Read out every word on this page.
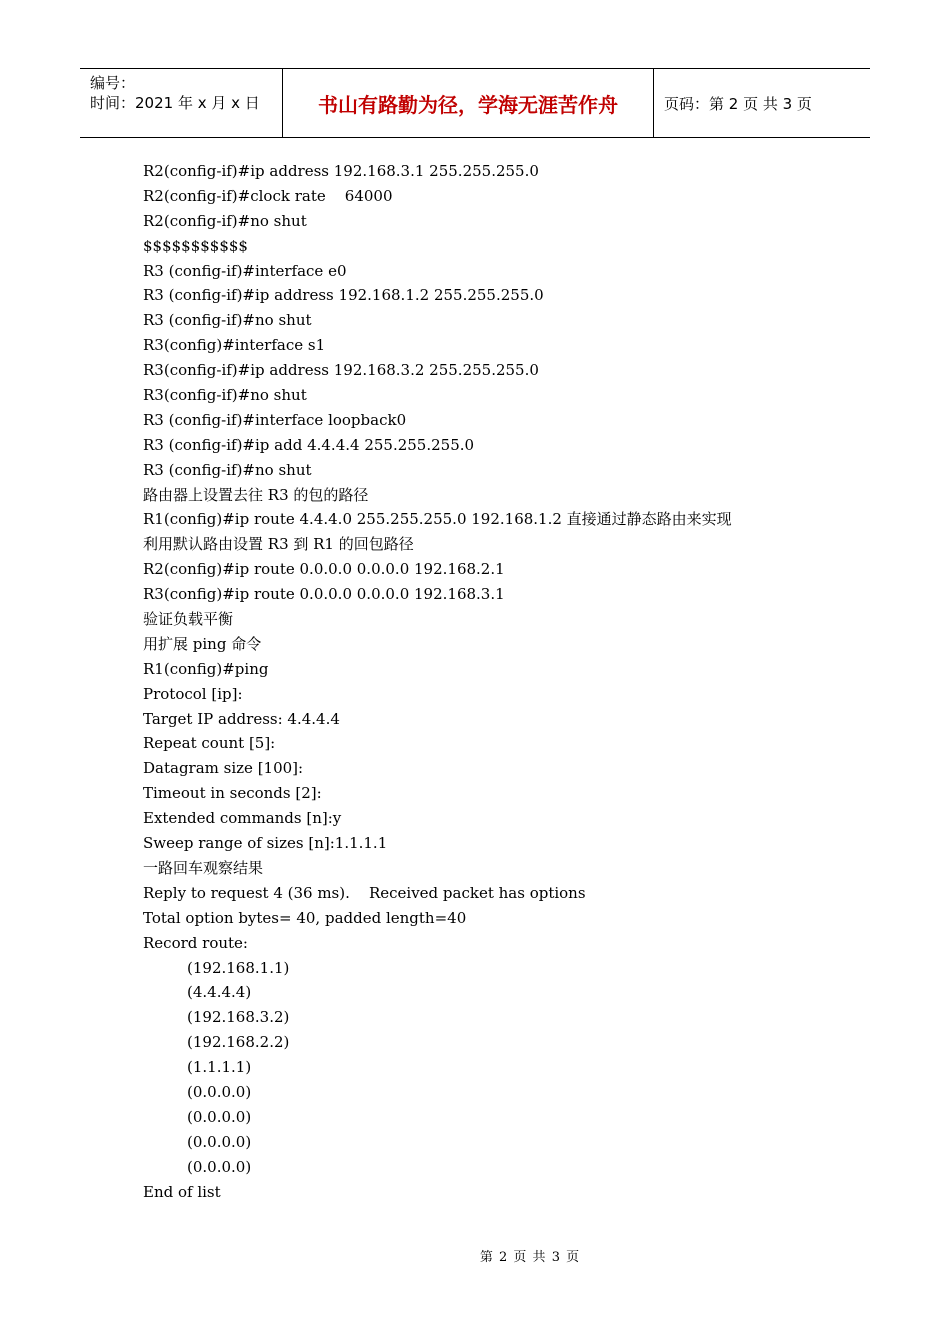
编号：
时间：2021 年 x 月 x 日	书山有路勤为径，学海无涯苦作舟	页码：第 2 页 共 3 页
R2(config-if)#ip address 192.168.3.1 255.255.255.0
R2(config-if)#clock rate    64000
R2(config-if)#no shut
$$$$$$$$$$$
R3 (config-if)#interface e0
R3 (config-if)#ip address 192.168.1.2 255.255.255.0
R3 (config-if)#no shut
R3(config)#interface s1
R3(config-if)#ip address 192.168.3.2 255.255.255.0
R3(config-if)#no shut
R3 (config-if)#interface loopback0
R3 (config-if)#ip add 4.4.4.4 255.255.255.0
R3 (config-if)#no shut
路由器上设置去往 R3 的包的路径
R1(config)#ip route 4.4.4.0 255.255.255.0 192.168.1.2 直接通过静态路由来实现
利用默认路由设置 R3 到 R1 的回包路径
R2(config)#ip route 0.0.0.0 0.0.0.0 192.168.2.1
R3(config)#ip route 0.0.0.0 0.0.0.0 192.168.3.1
验证负载平衡
用扩展 ping 命令
R1(config)#ping
Protocol [ip]:
Target IP address: 4.4.4.4
Repeat count [5]:
Datagram size [100]:
Timeout in seconds [2]:
Extended commands [n]:y
Sweep range of sizes [n]:1.1.1.1
一路回车观察结果
Reply to request 4 (36 ms).    Received packet has options
Total option bytes= 40, padded length=40
Record route:
(192.168.1.1)
(4.4.4.4)
(192.168.3.2)
(192.168.2.2)
(1.1.1.1)
(0.0.0.0)
(0.0.0.0)
(0.0.0.0)
(0.0.0.0)
End of list
第 2 页 共 3 页
